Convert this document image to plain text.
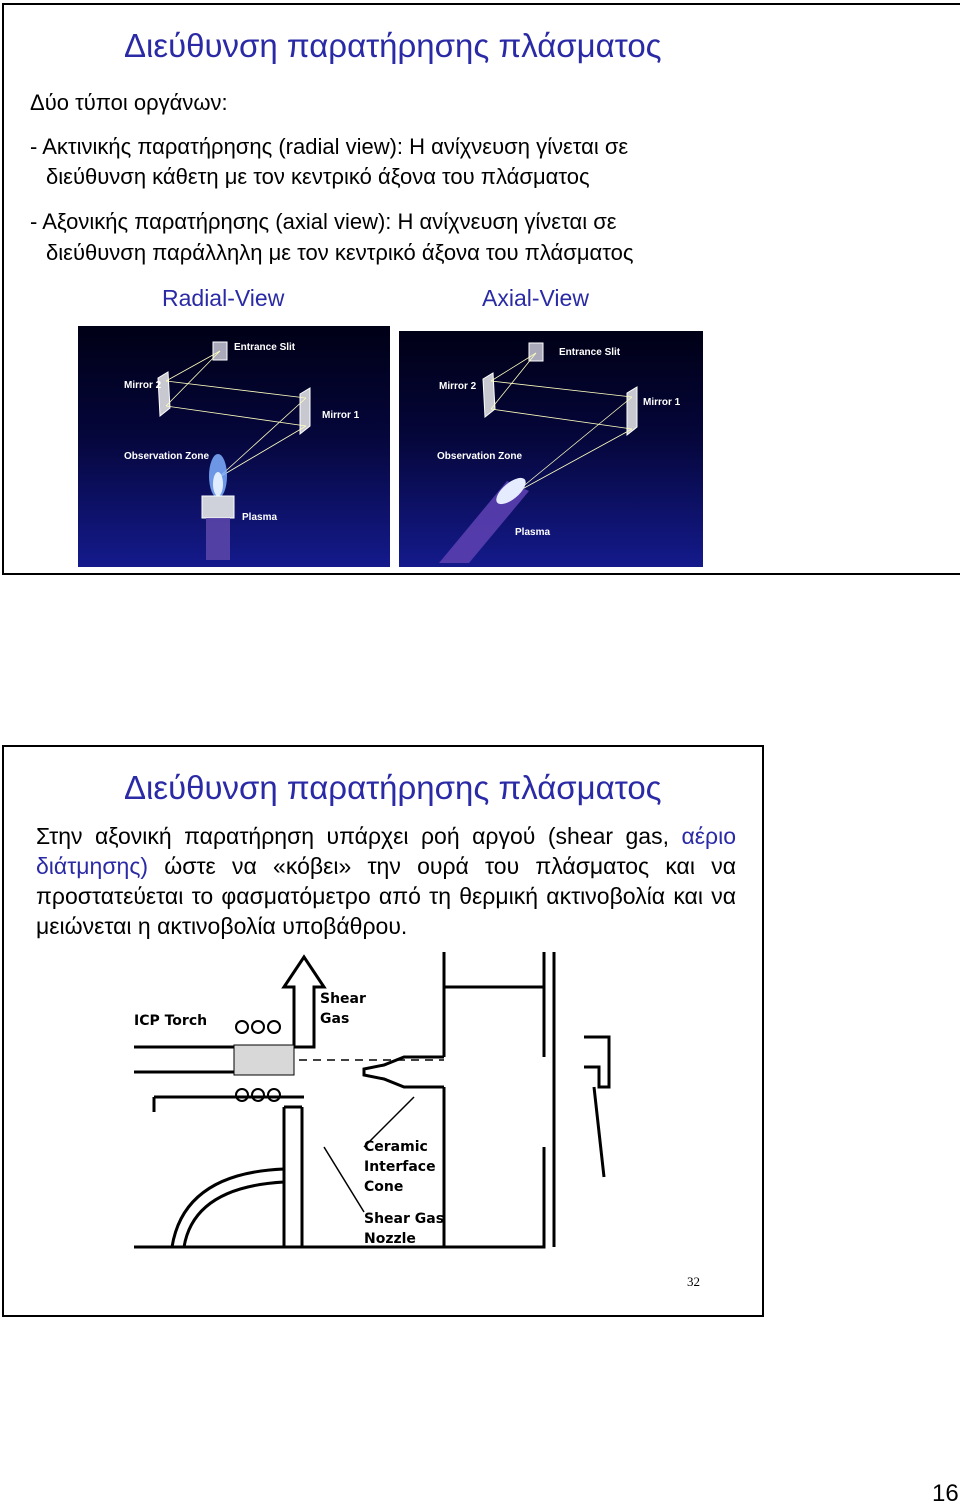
Διεύθυνση παρατήρησης πλάσματος
Δύο τύποι οργάνων:
- Ακτινικής παρατήρησης (radial view): Η ανίχνευση γίνεται σε
διεύθυνση κάθετη με τον κεντρικό άξονα του πλάσματος
- Αξονικής παρατήρησης (axial view): Η ανίχνευση γίνεται σε
διεύθυνση παράλληλη με τον κεντρικό άξονα του πλάσματος
Radial-View	Axial-View
Entrance Slit
Mirror 2
Mirror 1
Observation Zone
Plasma
Entrance Slit
Mirror 2
Mirror 1
Observation Zone
Plasma
Διεύθυνση παρατήρησης πλάσματος
Στην αξονική παρατήρηση υπάρχει ροή αργού (shear gas, αέριο διάτμησης) ώστε να «κόβει» την ουρά του πλάσματος και να προστατεύεται το φασματόμετρο από τη θερμική ακτινοβολία και να μειώνεται η ακτινοβολία υποβάθρου.
ICP Torch
Shear
Gas
Ceramic
Interface
Cone
Shear Gas
Nozzle
32
16
